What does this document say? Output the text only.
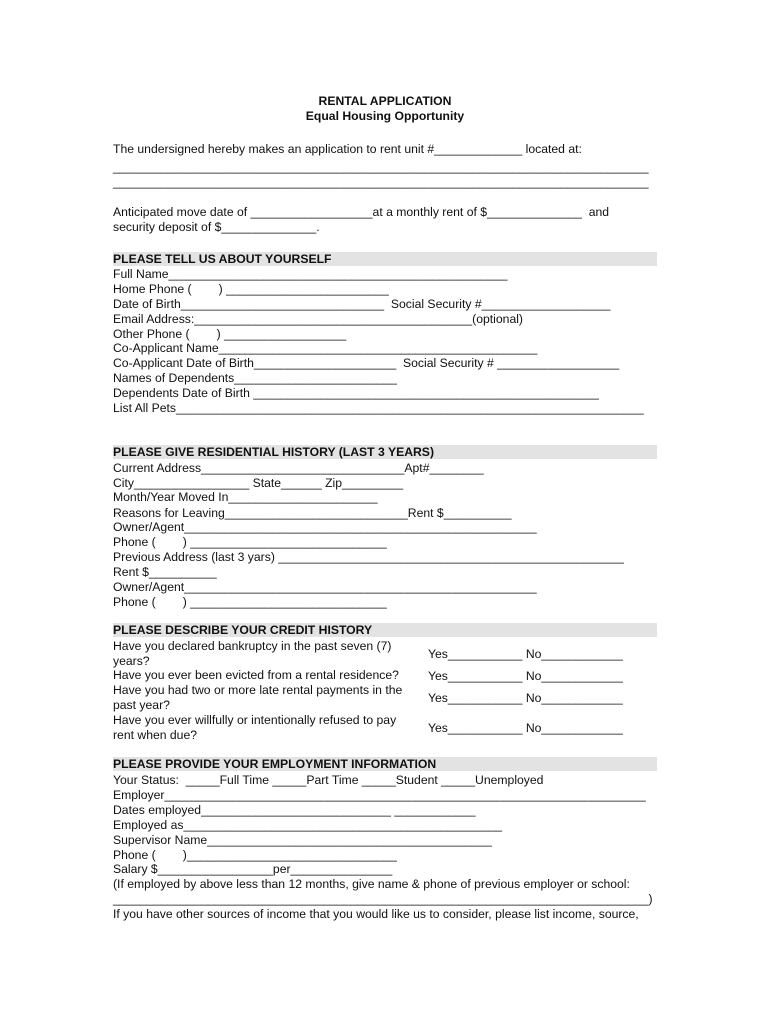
RENTAL APPLICATION
Equal Housing Opportunity
The undersigned hereby makes an application to rent unit #_____________ located at:
_______________________________________________________________________________
_______________________________________________________________________________
Anticipated move date of __________________at a monthly rent of $______________  and
security deposit of $______________.
PLEASE TELL US ABOUT YOURSELF
Full Name__________________________________________________
Home Phone (        ) ________________________
Date of Birth______________________________  Social Security #___________________
Email Address:_________________________________________(optional)
Other Phone (        ) __________________
Co-Applicant Name_______________________________________________
Co-Applicant Date of Birth_____________________  Social Security # __________________
Names of Dependents________________________
Dependents Date of Birth ___________________________________________________
List All Pets_____________________________________________________________________
PLEASE GIVE RESIDENTIAL HISTORY (LAST 3 YEARS)
Current Address______________________________Apt#________
City_________________ State______ Zip_________
Month/Year Moved In______________________
Reasons for Leaving___________________________Rent $__________
Owner/Agent____________________________________________________
Phone (        ) _____________________________
Previous Address (last 3 yars) ___________________________________________________
Rent $__________
Owner/Agent____________________________________________________
Phone (        ) _____________________________
PLEASE DESCRIBE YOUR CREDIT HISTORY
Have you declared bankruptcy in the past seven (7) years?	Yes___________ No____________
Have you ever been evicted from a rental residence?	Yes___________ No____________
Have you had two or more late rental payments in the past year?	Yes___________ No____________
Have you ever willfully or intentionally refused to pay rent when due?	Yes___________ No____________
PLEASE PROVIDE YOUR EMPLOYMENT INFORMATION
Your Status:  _____Full Time _____Part Time _____Student _____Unemployed
Employer_______________________________________________________________________
Dates employed____________________________ ____________
Employed as_______________________________________________
Supervisor Name__________________________________________
Phone (        )_______________________________
Salary $_________________per_______________
(If employed by above less than 12 months, give name & phone of previous employer or school:
_______________________________________________________________________________)
If you have other sources of income that you would like us to consider, please list income, source,
